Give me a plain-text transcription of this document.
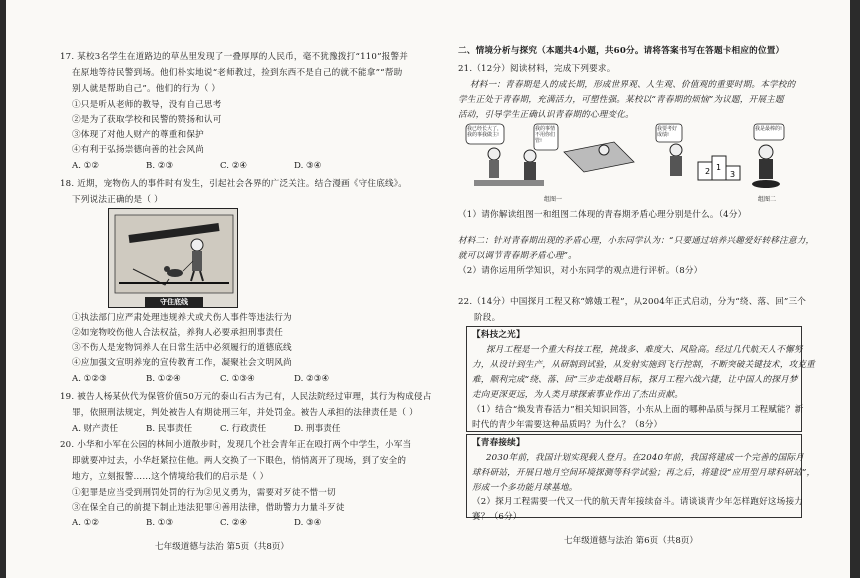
17. 某校3名学生在道路边的草丛里发现了一叠厚厚的人民币，毫不犹豫拨打“110”报警并
在原地等待民警到场。他们朴实地说“老师教过，捡到东西不是自己的就不能拿”“帮助
别人就是帮助自己”。他们的行为（ ）
①只是听从老师的教导，没有自己思考
②是为了获取学校和民警的赞扬和认可
③体现了对他人财产的尊重和保护
④有利于弘扬崇德向善的社会风尚
A. ①②	B. ②③	C. ②④	D. ③④
18. 近期，宠物伤人的事件时有发生，引起社会各界的广泛关注。结合漫画《守住底线》。
下列说法正确的是（ ）
守住底线
①执法部门应严肃处理违规养犬或犬伤人事件等违法行为
②如宠物咬伤他人合法权益，养狗人必要承担刑事责任
③不伤人是宠物饲养人在日常生活中必须履行的道德底线
④应加强文宣明养宠的宣传教育工作，凝聚社会文明风尚
A. ①②③	B. ①②④	C. ①③④	D. ②③④
19. 被告人杨某伙代为保管价值50万元的泰山石古为己有，人民法院经过审理，其行为构成侵占
罪，依照刑法规定，判处被告人有期徒刑三年，并处罚金。被告人承担的法律责任是（ ）
A. 财产责任	B. 民事责任	C. 行政责任	D. 刑事责任
20. 小华和小军在公园的林间小道散步时，发现几个社会青年正在殴打两个中学生，小军当
即就要冲过去，小华赶紧拉住他。两人交换了一下眼色，悄悄离开了现场，到了安全的
地方，立刻报警……这个情境给我们的启示是（ ）
①犯罪是应当受到刑罚处罚的行为②见义勇为，需要对歹徒不惜一切
③在保全自己的前提下制止违法犯罪④善用法律，借助警力力量斗歹徒
A. ①②	B. ①③	C. ②④	D. ③④
七年级道德与法治 第5页（共8页）
二、情境分析与探究（本题共4小题，共60分。请将答案书写在答题卡相应的位置）
21.（12分）阅读材料，完成下列要求。
材料一：青春期是人的成长期，形成世界观、人生观、价值观的重要时期。本学校的
学生正处于青春期，充满活力，可塑性强。某校以“青春期的烦恼”为议题，开展主题
活动，引导学生正确认识青春期的心理变化。
我已经长大了，我的事我做主!
我的事情不用你们管!
组图一
2 1
3
我要考好成绩!
我是最棒的!
组图二
（1）请你解读组图一和组图二体现的青春期矛盾心理分别是什么。（4分）
材料二：针对青春期出现的矛盾心理，小东同学认为：“只要通过培养兴趣爱好转移注意力，
就可以调节青春期矛盾心理”。
（2）请你运用所学知识，对小东同学的观点进行评析。（8分）
22.（14分）中国探月工程又称“嫦娥工程”，从2004年正式启动，分为“绕、落、回”三个
阶段。
【科技之光】
探月工程是一个重大科技工程，挑战多、难度大、风险高。经过几代航天人不懈努
力，从设计到生产，从研制到试验，从发射实施到飞行控制，不断突破关键技术，攻克重
难，顺利完成“绕、落、回”三步走战略目标，探月工程六战六捷，让中国人的探月梦
走向更深更远，为人类月球探索事业作出了杰出贡献。
（1）结合“焕发青春活力”相关知识回答，小东从上面的哪种品质与探月工程赋能？新
时代的青少年需要这种品质吗？为什么？（8分）
【青春接续】
2030年前，我国计划实现载人登月。在2040年前，我国将建成一个完善的国际月
球科研站，开展日地月空间环境探测等科学试验；再之后，将建设“应用型月球科研站”，
形成一个多功能月球基地。
（2）探月工程需要一代又一代的航天青年接续奋斗。请谈谈青少年怎样跑好这场接力
赛？（6分）
七年级道德与法治 第6页（共8页）
